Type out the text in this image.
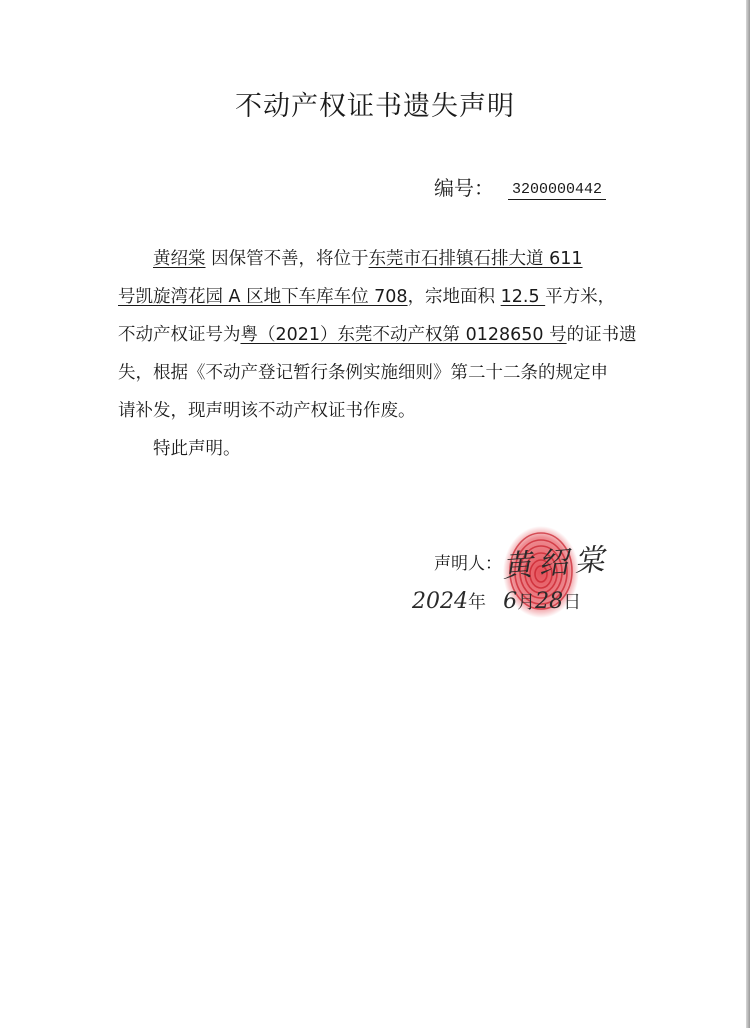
不动产权证书遗失声明
编号： 3200000442
黄绍棠 因保管不善，将位于东莞市石排镇石排大道 611
号凯旋湾花园 A 区地下车库车位 708，宗地面积 12.5 平方米，
不动产权证号为粤（2021）东莞不动产权第 0128650 号的证书遗
失，根据《不动产登记暂行条例实施细则》第二十二条的规定申
请补发，现声明该不动产权证书作废。
特此声明。
声明人： 黄绍棠
2024年 6月28日
